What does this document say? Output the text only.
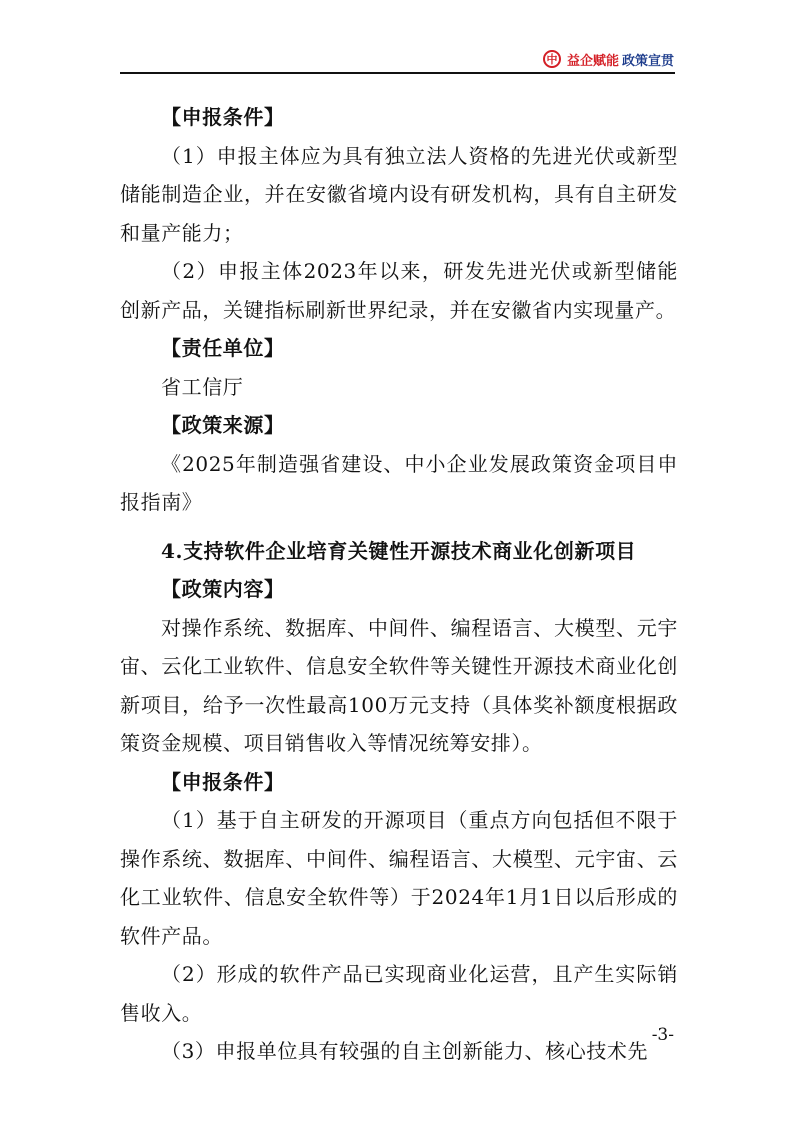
中 益企赋能 政策宣贯

【申报条件】

（1）申报主体应为具有独立法人资格的先进光伏或新型储能制造企业，并在安徽省境内设有研发机构，具有自主研发和量产能力；

（2）申报主体2023年以来，研发先进光伏或新型储能创新产品，关键指标刷新世界纪录，并在安徽省内实现量产。

【责任单位】

省工信厅

【政策来源】

《2025年制造强省建设、中小企业发展政策资金项目申报指南》

4.支持软件企业培育关键性开源技术商业化创新项目

【政策内容】

对操作系统、数据库、中间件、编程语言、大模型、元宇宙、云化工业软件、信息安全软件等关键性开源技术商业化创新项目，给予一次性最高100万元支持（具体奖补额度根据政策资金规模、项目销售收入等情况统筹安排）。

【申报条件】

（1）基于自主研发的开源项目（重点方向包括但不限于操作系统、数据库、中间件、编程语言、大模型、元宇宙、云化工业软件、信息安全软件等）于2024年1月1日以后形成的软件产品。

（2）形成的软件产品已实现商业化运营，且产生实际销售收入。

（3）申报单位具有较强的自主创新能力、核心技术先

-3-
